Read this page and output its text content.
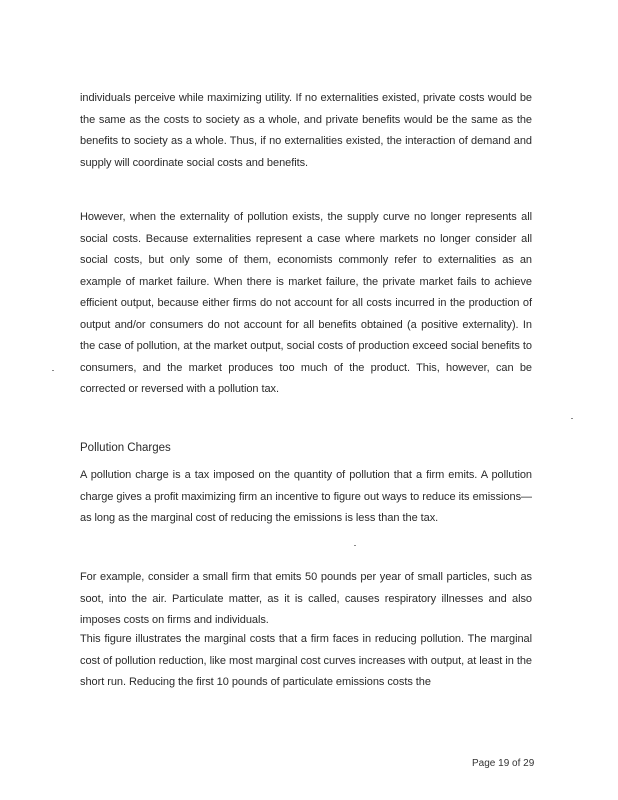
individuals perceive while maximizing utility. If no externalities existed, private costs would be the same as the costs to society as a whole, and private benefits would be the same as the benefits to society as a whole. Thus, if no externalities existed, the interaction of demand and supply will coordinate social costs and benefits.

However, when the externality of pollution exists, the supply curve no longer represents all social costs. Because externalities represent a case where markets no longer consider all social costs, but only some of them, economists commonly refer to externalities as an example of market failure. When there is market failure, the private market fails to achieve efficient output, because either firms do not account for all costs incurred in the production of output and/or consumers do not account for all benefits obtained (a positive externality). In the case of pollution, at the market output, social costs of production exceed social benefits to consumers, and the market produces too much of the product. This, however, can be corrected or reversed with a pollution tax.

Pollution Charges

A pollution charge is a tax imposed on the quantity of pollution that a firm emits. A pollution charge gives a profit maximizing firm an incentive to figure out ways to reduce its emissions—as long as the marginal cost of reducing the emissions is less than the tax.

For example, consider a small firm that emits 50 pounds per year of small particles, such as soot, into the air. Particulate matter, as it is called, causes respiratory illnesses and also imposes costs on firms and individuals.

This figure illustrates the marginal costs that a firm faces in reducing pollution. The marginal cost of pollution reduction, like most marginal cost curves increases with output, at least in the short run. Reducing the first 10 pounds of particulate emissions costs the

Page 19 of 29
